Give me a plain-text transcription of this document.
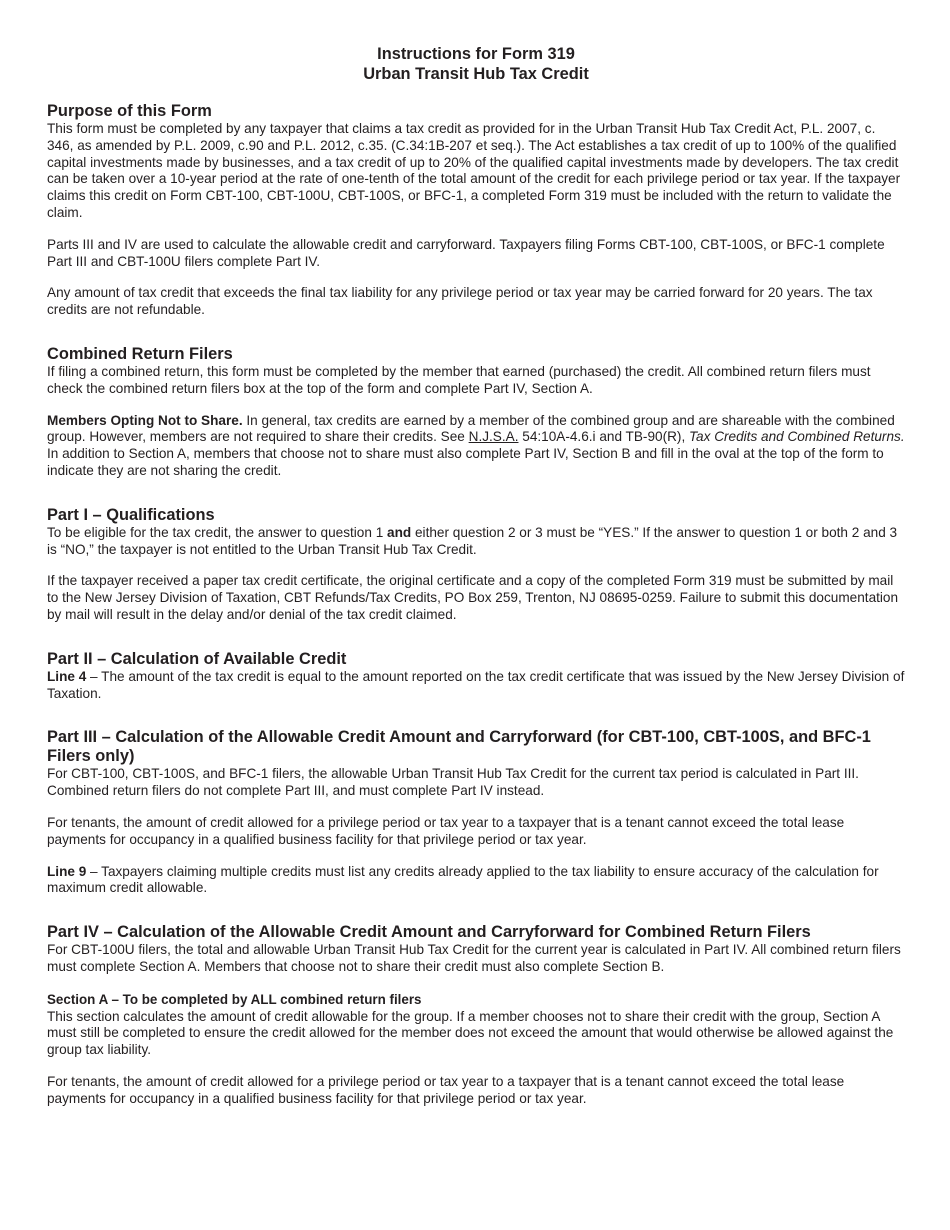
Instructions for Form 319

Urban Transit Hub Tax Credit

Purpose of this Form

This form must be completed by any taxpayer that claims a tax credit as provided for in the Urban Transit Hub Tax Credit Act, P.L. 2007, c. 346, as amended by P.L. 2009, c.90 and P.L. 2012, c.35. (C.34:1B-207 et seq.). The Act establishes a tax credit of up to 100% of the qualified capital investments made by businesses, and a tax credit of up to 20% of the qualified capital investments made by developers. The tax credit can be taken over a 10-year period at the rate of one-tenth of the total amount of the credit for each privilege period or tax year. If the taxpayer claims this credit on Form CBT-100, CBT-100U, CBT-100S, or BFC-1, a completed Form 319 must be included with the return to validate the claim.

Parts III and IV are used to calculate the allowable credit and carryforward. Taxpayers filing Forms CBT-100, CBT-100S, or BFC-1 complete Part III and CBT-100U filers complete Part IV.

Any amount of tax credit that exceeds the final tax liability for any privilege period or tax year may be carried forward for 20 years. The tax credits are not refundable.

Combined Return Filers

If filing a combined return, this form must be completed by the member that earned (purchased) the credit. All combined return filers must check the combined return filers box at the top of the form and complete Part IV, Section A.

Members Opting Not to Share. In general, tax credits are earned by a member of the combined group and are shareable with the combined group. However, members are not required to share their credits. See N.J.S.A. 54:10A-4.6.i and TB-90(R), Tax Credits and Combined Returns. In addition to Section A, members that choose not to share must also complete Part IV, Section B and fill in the oval at the top of the form to indicate they are not sharing the credit.

Part I – Qualifications

To be eligible for the tax credit, the answer to question 1 and either question 2 or 3 must be “YES.” If the answer to question 1 or both 2 and 3 is “NO,” the taxpayer is not entitled to the Urban Transit Hub Tax Credit.

If the taxpayer received a paper tax credit certificate, the original certificate and a copy of the completed Form 319 must be submitted by mail to the New Jersey Division of Taxation, CBT Refunds/Tax Credits, PO Box 259, Trenton, NJ 08695-0259. Failure to submit this documentation by mail will result in the delay and/or denial of the tax credit claimed.

Part II – Calculation of Available Credit

Line 4 – The amount of the tax credit is equal to the amount reported on the tax credit certificate that was issued by the New Jersey Division of Taxation.

Part III – Calculation of the Allowable Credit Amount and Carryforward (for CBT-100, CBT-100S, and BFC-1 Filers only)

For CBT-100, CBT-100S, and BFC-1 filers, the allowable Urban Transit Hub Tax Credit for the current tax period is calculated in Part III. Combined return filers do not complete Part III, and must complete Part IV instead.

For tenants, the amount of credit allowed for a privilege period or tax year to a taxpayer that is a tenant cannot exceed the total lease payments for occupancy in a qualified business facility for that privilege period or tax year.

Line 9 – Taxpayers claiming multiple credits must list any credits already applied to the tax liability to ensure accuracy of the calculation for maximum credit allowable.

Part IV – Calculation of the Allowable Credit Amount and Carryforward for Combined Return Filers

For CBT-100U filers, the total and allowable Urban Transit Hub Tax Credit for the current year is calculated in Part IV. All combined return filers must complete Section A. Members that choose not to share their credit must also complete Section B.

Section A – To be completed by ALL combined return filers

This section calculates the amount of credit allowable for the group. If a member chooses not to share their credit with the group, Section A must still be completed to ensure the credit allowed for the member does not exceed the amount that would otherwise be allowed against the group tax liability.

For tenants, the amount of credit allowed for a privilege period or tax year to a taxpayer that is a tenant cannot exceed the total lease payments for occupancy in a qualified business facility for that privilege period or tax year.
